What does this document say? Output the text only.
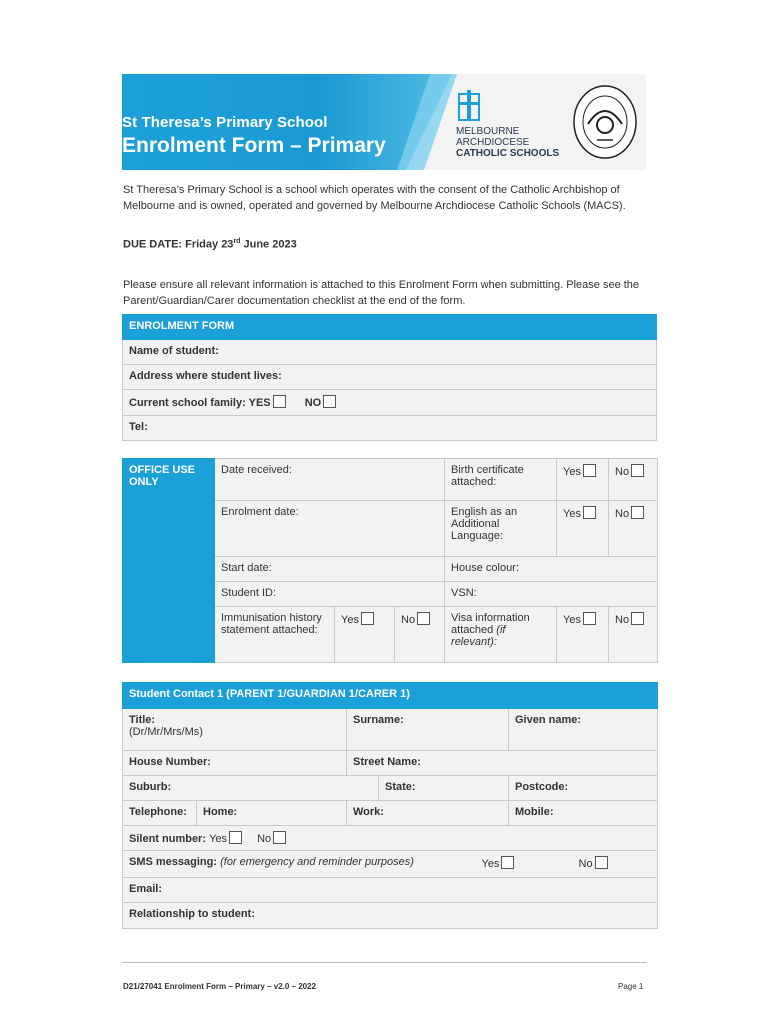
St Theresa’s Primary School
Enrolment Form – Primary
MELBOURNE
ARCHDIOCESE
CATHOLIC SCHOOLS
St Theresa’s Primary School is a school which operates with the consent of the Catholic Archbishop of Melbourne and is owned, operated and governed by Melbourne Archdiocese Catholic Schools (MACS).
DUE DATE: Friday 23rd June 2023
Please ensure all relevant information is attached to this Enrolment Form when submitting. Please see the Parent/Guardian/Carer documentation checklist at the end of the form.
ENROLMENT FORM
Name of student:
Address where student lives:
Current school family: YES	NO
Tel:
OFFICE USE ONLY	Date received:			Birth certificate attached:	Yes	No
	Enrolment date:			English as an Additional Language:	Yes	No
	Start date:			House colour:		
	Student ID:			VSN:		
	Immunisation history statement attached:	Yes	No	Visa information attached (if relevant):	Yes	No
Student Contact 1 (PARENT 1/GUARDIAN 1/CARER 1)				
Title:
(Dr/Mr/Mrs/Ms)		Surname:		Given name:
House Number:		Street Name:		
Suburb:			State:	Postcode:
Telephone:	Home:	Work:		Mobile:
Silent number: Yes No				
SMS messaging: (for emergency and reminder purposes) Yes No				

Email:				
Relationship to student:				
D21/27041 Enrolment Form – Primary – v2.0 – 2022	Page 1
